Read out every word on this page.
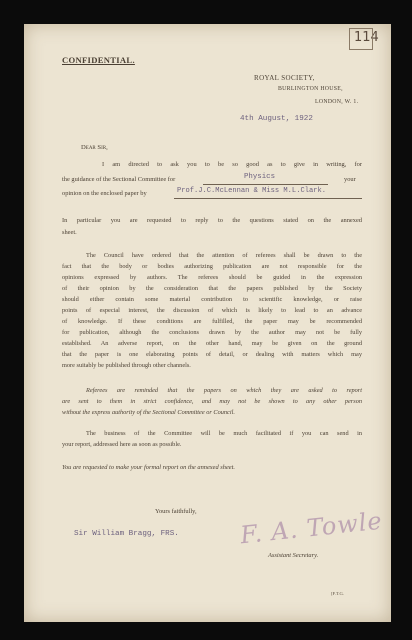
114
CONFIDENTIAL.
ROYAL SOCIETY,
BURLINGTON HOUSE,
LONDON, W. 1.
4th August, 1922
Dear Sir,
I am directed to ask you to be so good as to give in writing, for
the guidance of the Sectional Committee for	Physics	your
opinion on the enclosed paper by	Prof.J.C.McLennan & Miss M.L.Clark.
In particular you are requested to reply to the questions stated on the annexed
sheet.
The Council have ordered that the attention of referees shall be drawn to the
fact that the body or bodies authorizing publication are not responsible for the
opinions expressed by authors. The referees should be guided in the expression
of their opinion by the consideration that the papers published by the Society
should either contain some material contribution to scientific knowledge, or raise
points of especial interest, the discussion of which is likely to lead to an advance
of knowledge. If these conditions are fulfilled, the paper may be recommended
for publication, although the conclusions drawn by the author may not be fully
established. An adverse report, on the other hand, may be given on the ground
that the paper is one elaborating points of detail, or dealing with matters which may
more suitably be published through other channels.
Referees are reminded that the papers on which they are asked to report
are sent to them in strict confidence, and may not be shown to any other person
without the express authority of the Sectional Committee or Council.
The business of the Committee will be much facilitated if you can send in
your report, addressed here as soon as possible.
You are requested to make your formal report on the annexed sheet.
Yours faithfully,
Sir William Bragg, FRS.	F. A. Towle
Assistant Secretary.
[F.T.G.
